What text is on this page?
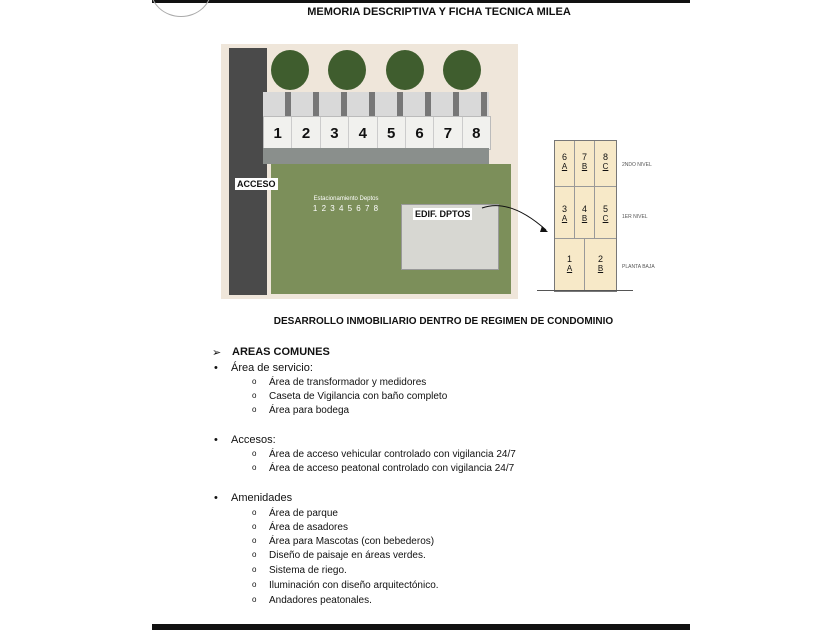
MEMORIA DESCRIPTIVA Y FICHA TECNICA MILEA
1	2	3	4	5	6	7	8
ACCESO
Estacionamiento Deptos
1 2 3 4 5 6 7 8
EDIF. DPTOS
6
A
7
B
8
C
3
A
4
B
5
C
1
A
2
B
2NDO NIVEL
1ER NIVEL
PLANTA BAJA
DESARROLLO INMOBILIARIO DENTRO DE REGIMEN DE CONDOMINIO
➢ AREAS COMUNES
• Área de servicio:
o Área de transformador y medidores
o Caseta de Vigilancia con baño completo
o Área para bodega
• Accesos:
o Área de acceso vehicular controlado con vigilancia 24/7
o Área de acceso peatonal controlado con vigilancia 24/7
• Amenidades
o Área de parque
o Área de asadores
o Área para Mascotas (con bebederos)
o Diseño de paisaje en áreas verdes.
o Sistema de riego.
o Iluminación con diseño arquitectónico.
o Andadores peatonales.
